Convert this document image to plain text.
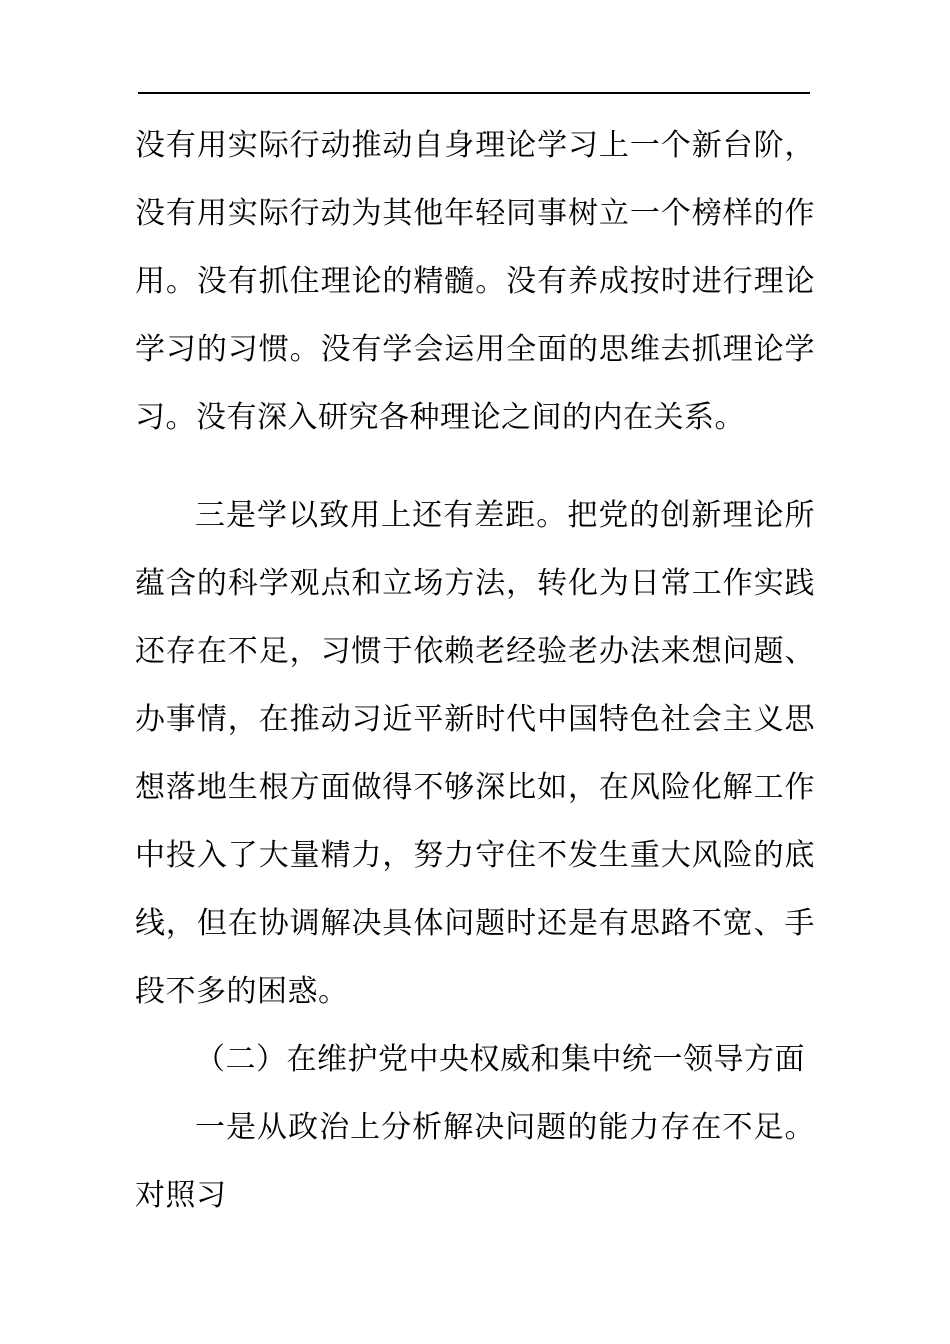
没有用实际行动推动自身理论学习上一个新台阶，没有用实际行动为其他年轻同事树立一个榜样的作用。没有抓住理论的精髓。没有养成按时进行理论学习的习惯。没有学会运用全面的思维去抓理论学习。没有深入研究各种理论之间的内在关系。

三是学以致用上还有差距。把党的创新理论所蕴含的科学观点和立场方法，转化为日常工作实践还存在不足，习惯于依赖老经验老办法来想问题、办事情，在推动习近平新时代中国特色社会主义思想落地生根方面做得不够深比如，在风险化解工作中投入了大量精力，努力守住不发生重大风险的底线，但在协调解决具体问题时还是有思路不宽、手段不多的困惑。

（二）在维护党中央权威和集中统一领导方面

一是从政治上分析解决问题的能力存在不足。对照习
